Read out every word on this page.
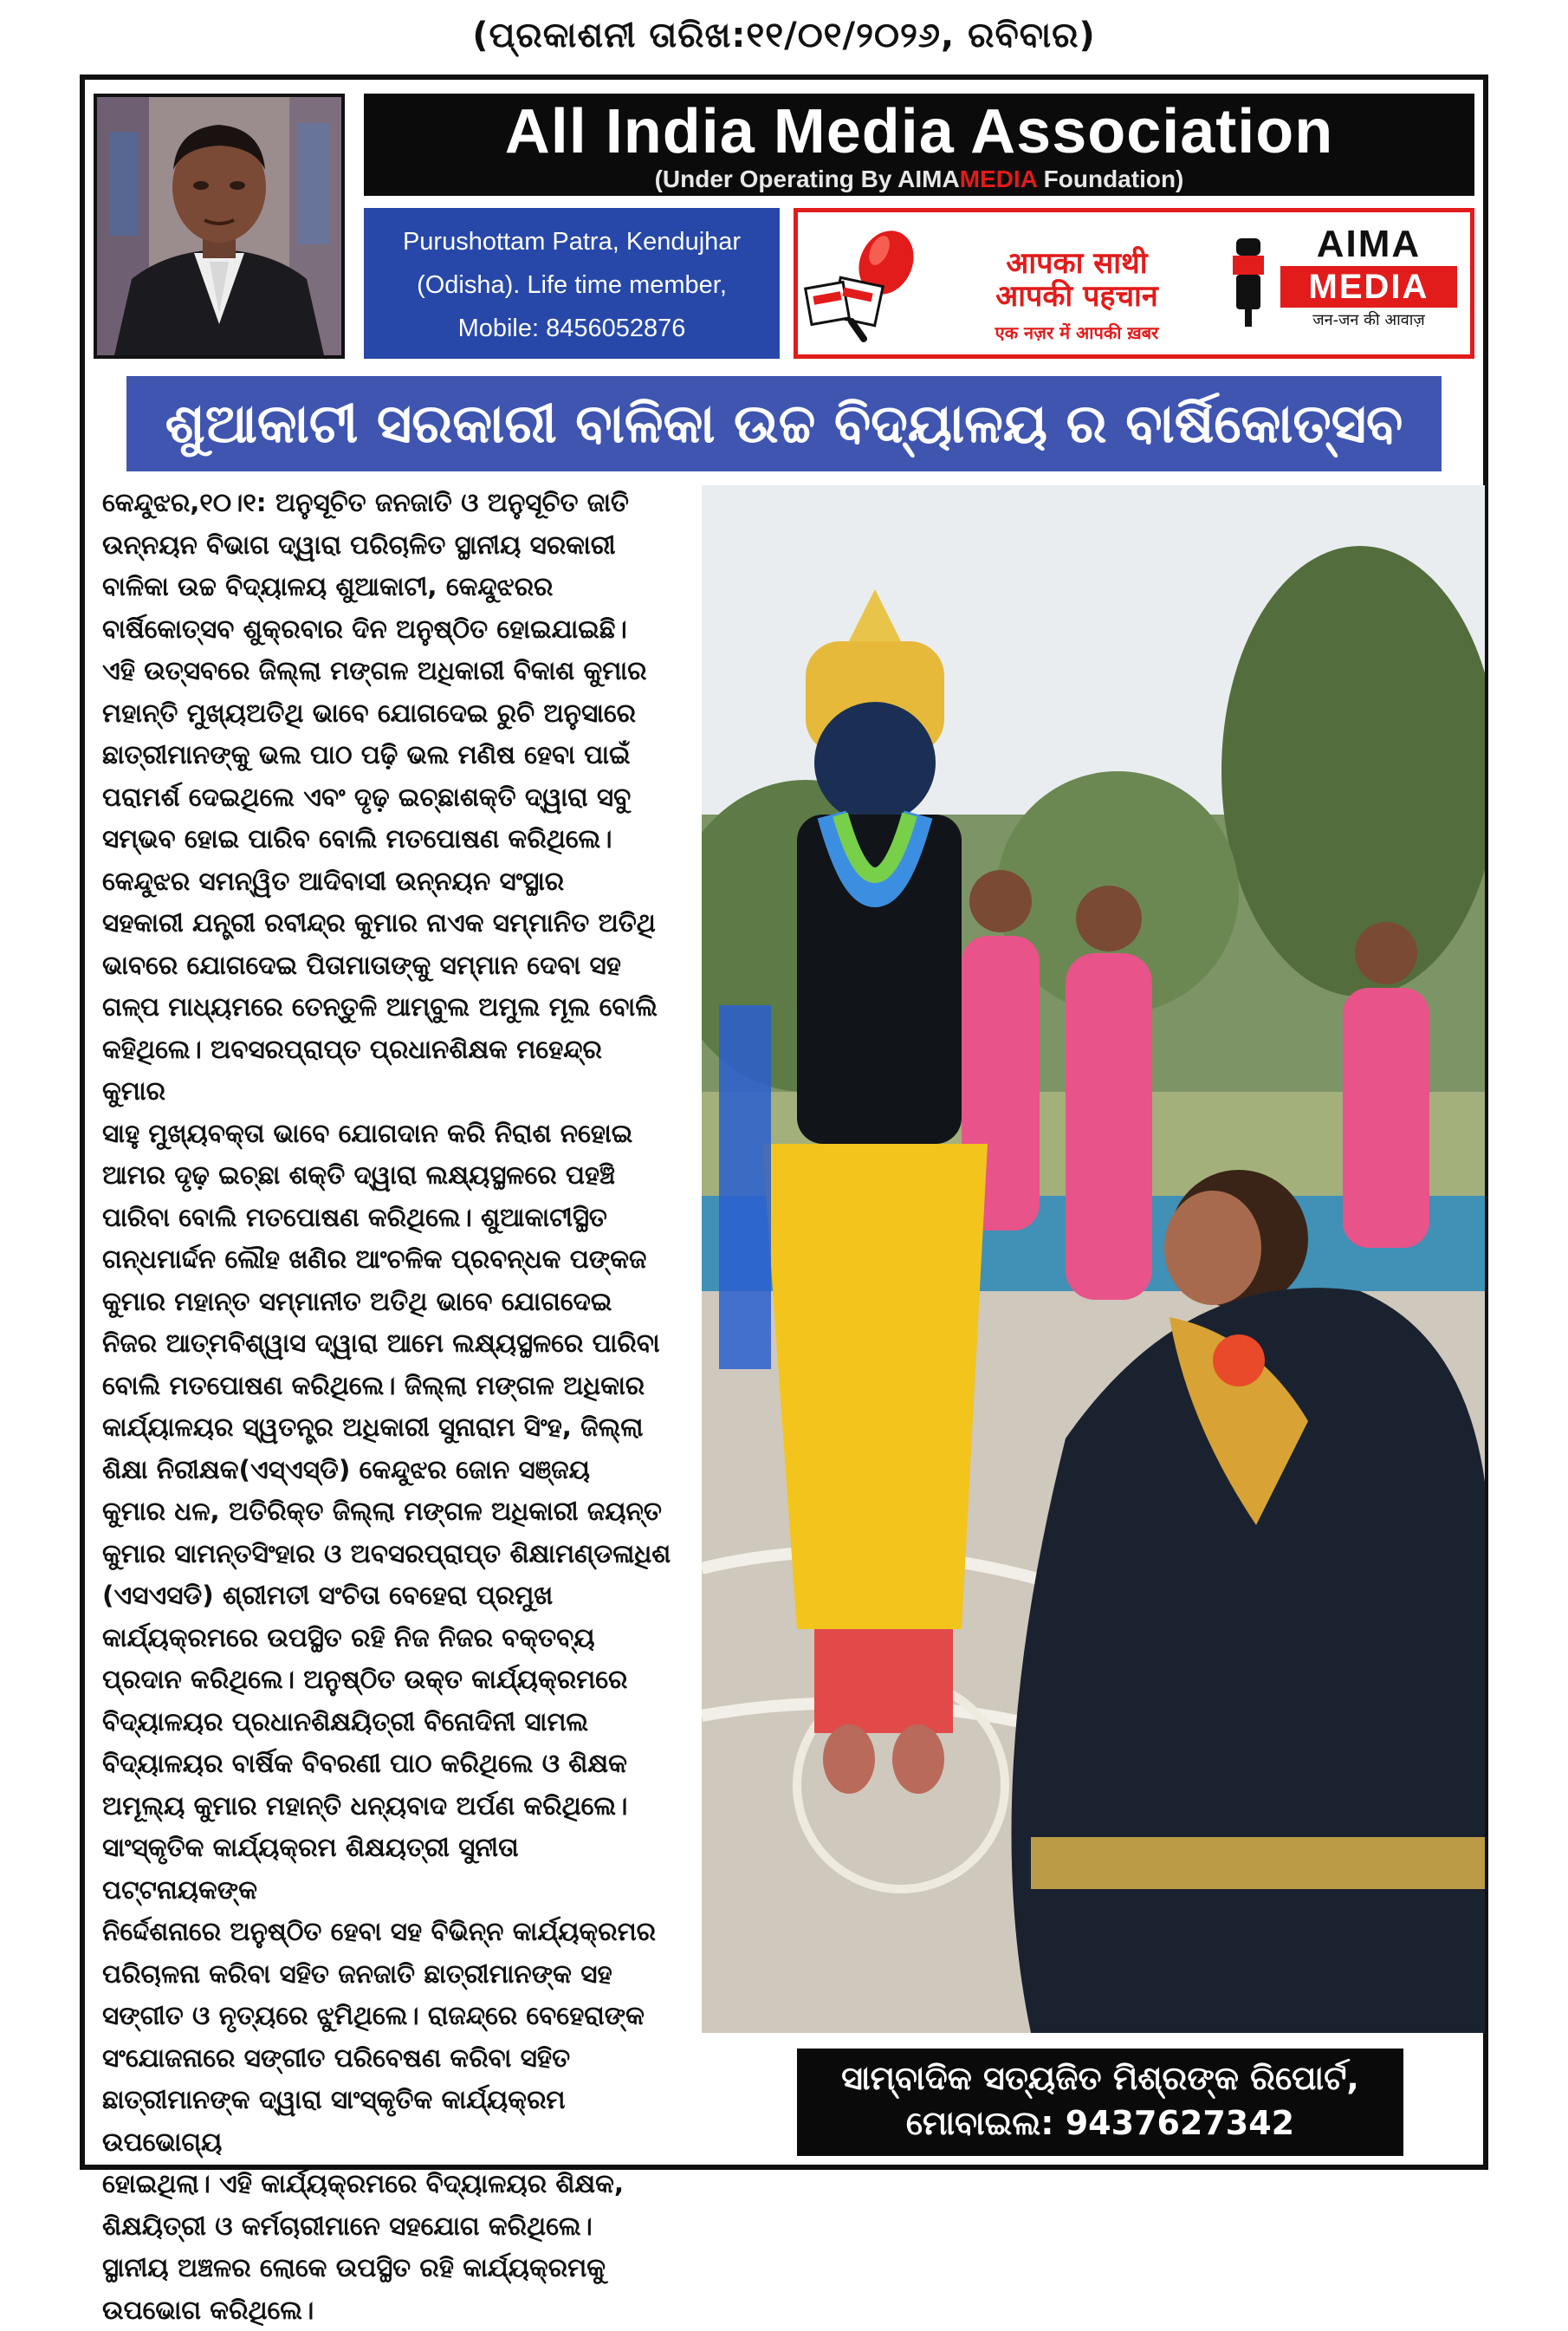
(ପ୍ରକାଶନୀ ତାରିଖ:୧୧/୦୧/୨୦୨୬, ରବିବାର)
All India Media Association
(Under Operating By AIMAMEDIA Foundation)
Purushottam Patra, Kendujhar
(Odisha). Life time member,
Mobile: 8456052876
आपका साथी
आपकी पहचान
एक नज़र में आपकी ख़बर
AIMA
MEDIA
जन-जन की आवाज़
ଶୁଆକାଟୀ ସରକାରୀ ବାଳିକା ଉଚ୍ଚ ବିଦ୍ୟାଳୟ ର ବାର୍ଷିକୋତ୍ସବ
କେନ୍ଦୁଝର,୧୦।୧: ଅନୁସୂଚିତ ଜନଜାତି ଓ ଅନୁସୂଚିତ ଜାତି
ଉନ୍ନୟନ ବିଭାଗ ଦ୍ୱାରା ପରିଚାଳିତ ସ୍ଥାନୀୟ ସରକାରୀ
ବାଳିକା ଉଚ୍ଚ ବିଦ୍ୟାଳୟ ଶୁଆକାଟୀ, କେନ୍ଦୁଝରର
ବାର୍ଷିକୋତ୍ସବ ଶୁକ୍ରବାର ଦିନ ଅନୁଷ୍ଠିତ ହୋଇଯାଇଛି।
ଏହି ଉତ୍ସବରେ ଜିଲ୍ଲା ମଙ୍ଗଳ ଅଧିକାରୀ ବିକାଶ କୁମାର
ମହାନ୍ତି ମୁଖ୍ୟଅତିଥି ଭାବେ ଯୋଗଦେଇ ରୁଚି ଅନୁସାରେ
ଛାତ୍ରୀମାନଙ୍କୁ ଭଲ ପାଠ ପଢ଼ି ଭଲ ମଣିଷ ହେବା ପାଇଁ
ପରାମର୍ଶ ଦେଇଥିଲେ ଏବଂ ଦୃଢ଼ ଇଚ୍ଛାଶକ୍ତି ଦ୍ୱାରା ସବୁ
ସମ୍ଭବ ହୋଇ ପାରିବ ବୋଲି ମତପୋଷଣ କରିଥିଲେ।
କେନ୍ଦୁଝର ସମନ୍ୱିତ ଆଦିବାସୀ ଉନ୍ନୟନ ସଂସ୍ଥାର
ସହକାରୀ ଯନ୍ତ୍ରୀ ରବୀନ୍ଦ୍ର କୁମାର ନାଏକ ସମ୍ମାନିତ ଅତିଥି
ଭାବରେ ଯୋଗଦେଇ ପିତାମାତାଙ୍କୁ ସମ୍ମାନ ଦେବା ସହ
ଗଳ୍ପ ମାଧ୍ୟମରେ ତେନ୍ତୁଳି ଆମ୍ବୁଲ ଅମୁଲ ମୂଲ ବୋଲି
କହିଥିଲେ। ଅବସରପ୍ରାପ୍ତ ପ୍ରଧାନଶିକ୍ଷକ ମହେନ୍ଦ୍ର କୁମାର
ସାହୁ ମୁଖ୍ୟବକ୍ତା ଭାବେ ଯୋଗଦାନ କରି ନିରାଶ ନହୋଇ
ଆମର ଦୃଢ଼ ଇଚ୍ଛା ଶକ୍ତି ଦ୍ୱାରା ଲକ୍ଷ୍ୟସ୍ଥଳରେ ପହଞ୍ଚି
ପାରିବା ବୋଲି ମତପୋଷଣ କରିଥିଲେ। ଶୁଆକାଟୀସ୍ଥିତ
ଗନ୍ଧମାର୍ଦ୍ଦନ ଲୌହ ଖଣିର ଆଂଚଳିକ ପ୍ରବନ୍ଧକ ପଙ୍କଜ
କୁମାର ମହାନ୍ତ ସମ୍ମାନୀତ ଅତିଥି ଭାବେ ଯୋଗଦେଇ
ନିଜର ଆତ୍ମବିଶ୍ୱାସ ଦ୍ୱାରା ଆମେ ଲକ୍ଷ୍ୟସ୍ଥଳରେ ପାରିବା
ବୋଲି ମତପୋଷଣ କରିଥିଲେ। ଜିଲ୍ଲା ମଙ୍ଗଳ ଅଧିକାର
କାର୍ଯ୍ୟାଳୟର ସ୍ୱତନ୍ତ୍ର ଅଧିକାରୀ ସୁନାରାମ ସିଂହ, ଜିଲ୍ଲା
ଶିକ୍ଷା ନିରୀକ୍ଷକ(ଏସ୍‌ଏସ୍‌ଡି) କେନ୍ଦୁଝର ଜୋନ ସଞ୍ଜୟ
କୁମାର ଧଳ, ଅତିରିକ୍ତ ଜିଲ୍ଲା ମଙ୍ଗଳ ଅଧିକାରୀ ଜୟନ୍ତ
କୁମାର ସାମନ୍ତସିଂହାର ଓ ଅବସରପ୍ରାପ୍ତ ଶିକ୍ଷାମଣ୍ଡଳାଧିଶ
(ଏସଏସଡି) ଶ୍ରୀମତୀ ସଂଚିତା ବେହେରା ପ୍ରମୁଖ
କାର୍ଯ୍ୟକ୍ରମରେ ଉପସ୍ଥିତ ରହି ନିଜ ନିଜର ବକ୍ତବ୍ୟ
ପ୍ରଦାନ କରିଥିଲେ। ଅନୁଷ୍ଠିତ ଉକ୍ତ କାର୍ଯ୍ୟକ୍ରମରେ
ବିଦ୍ୟାଳୟର ପ୍ରଧାନଶିକ୍ଷୟିତ୍ରୀ ବିନୋଦିନୀ ସାମଲ
ବିଦ୍ୟାଳୟର ବାର୍ଷିକ ବିବରଣୀ ପାଠ କରିଥିଲେ ଓ ଶିକ୍ଷକ
ଅମୂଲ୍ୟ କୁମାର ମହାନ୍ତି ଧନ୍ୟବାଦ ଅର୍ପଣ କରିଥିଲେ।
ସାଂସ୍କୃତିକ କାର୍ଯ୍ୟକ୍ରମ ଶିକ୍ଷୟତ୍ରୀ ସୁନୀତା ପଟ୍ଟନାୟକଙ୍କ
ନିର୍ଦ୍ଦେଶନାରେ ଅନୁଷ୍ଠିତ ହେବା ସହ ବିଭିନ୍ନ କାର୍ଯ୍ୟକ୍ରମର
ପରିଚାଳନା କରିବା ସହିତ ଜନଜାତି ଛାତ୍ରୀମାନଙ୍କ ସହ
ସଙ୍ଗୀତ ଓ ନୃତ୍ୟରେ ଝୁମିଥିଲେ। ରାଜନ୍ଦ୍ରେ ବେହେରାଙ୍କ
ସଂଯୋଜନାରେ ସଙ୍ଗୀତ ପରିବେଷଣ କରିବା ସହିତ
ଛାତ୍ରୀମାନଙ୍କ ଦ୍ୱାରା ସାଂସ୍କୃତିକ କାର୍ଯ୍ୟକ୍ରମ ଉପଭୋଗ୍ୟ
ହୋଇଥିଲା। ଏହି କାର୍ଯ୍ୟକ୍ରମରେ ବିଦ୍ୟାଳୟର ଶିକ୍ଷକ,
ଶିକ୍ଷୟିତ୍ରୀ ଓ କର୍ମଚାରୀମାନେ ସହଯୋଗ କରିଥିଲେ।
ସ୍ଥାନୀୟ ଅଞ୍ଚଳର ଲୋକେ ଉପସ୍ଥିତ ରହି କାର୍ଯ୍ୟକ୍ରମକୁ
ଉପଭୋଗ କରିଥିଲେ।
ସାମ୍ବାଦିକ ସତ୍ୟଜିତ ମିଶ୍ରଙ୍କ ରିପୋର୍ଟ,
ମୋବାଇଲ: 9437627342
